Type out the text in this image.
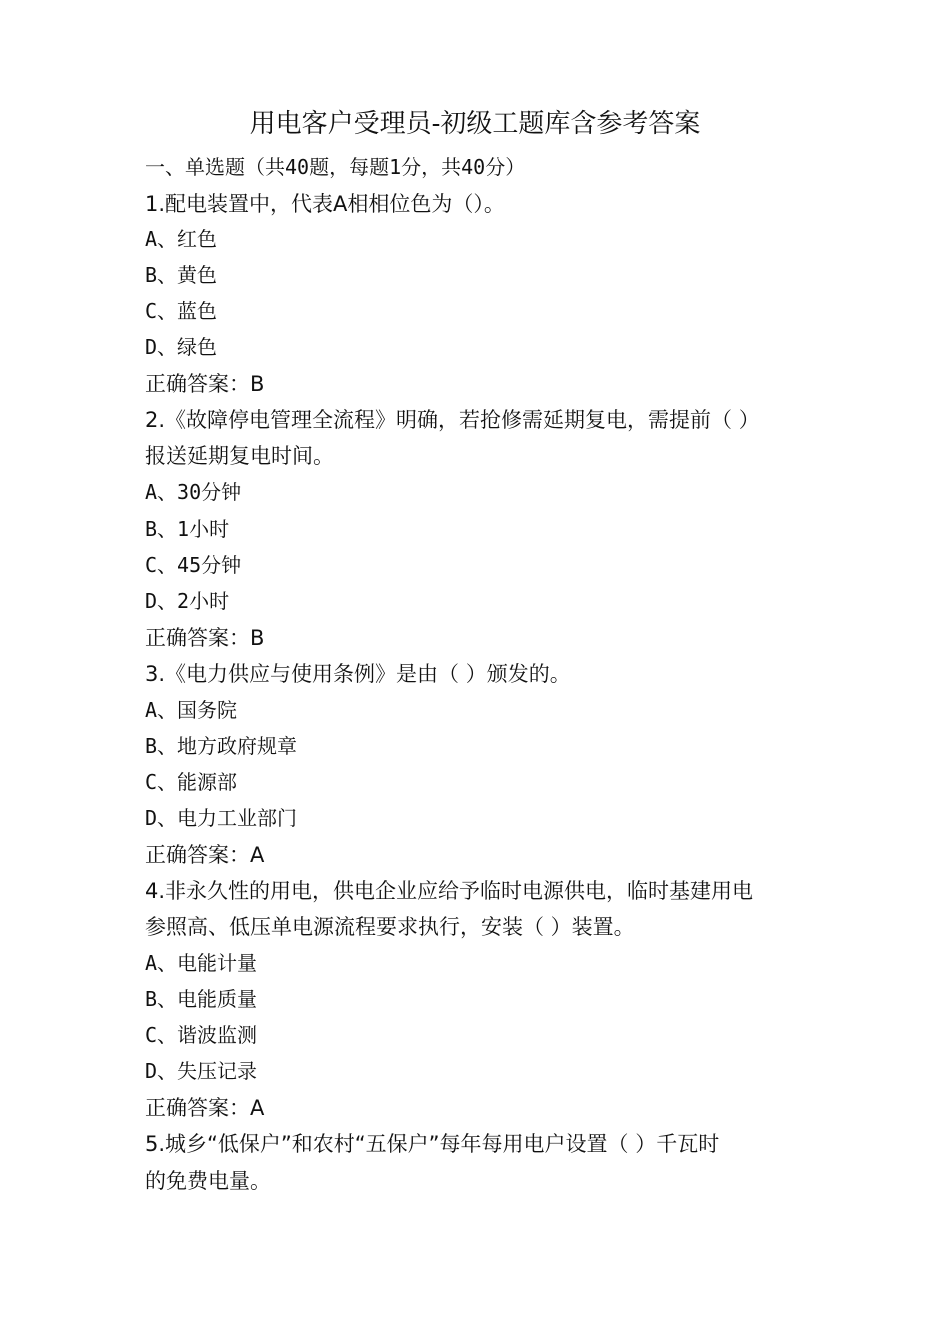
用电客户受理员-初级工题库含参考答案
一、单选题（共40题，每题1分，共40分）
1.配电装置中，代表A相相位色为（）。
A、红色
B、黄色
C、蓝色
D、绿色
正确答案：B
2.《故障停电管理全流程》明确，若抢修需延期复电，需提前（ ）
报送延期复电时间。
A、30分钟
B、1小时
C、45分钟
D、2小时
正确答案：B
3.《电力供应与使用条例》是由（ ）颁发的。
A、国务院
B、地方政府规章
C、能源部
D、电力工业部门
正确答案：A
4.非永久性的用电，供电企业应给予临时电源供电，临时基建用电
参照高、低压单电源流程要求执行，安装（ ）装置。
A、电能计量
B、电能质量
C、谐波监测
D、失压记录
正确答案：A
5.城乡“低保户”和农村“五保户”每年每用电户设置（ ）千瓦时
的免费电量。
